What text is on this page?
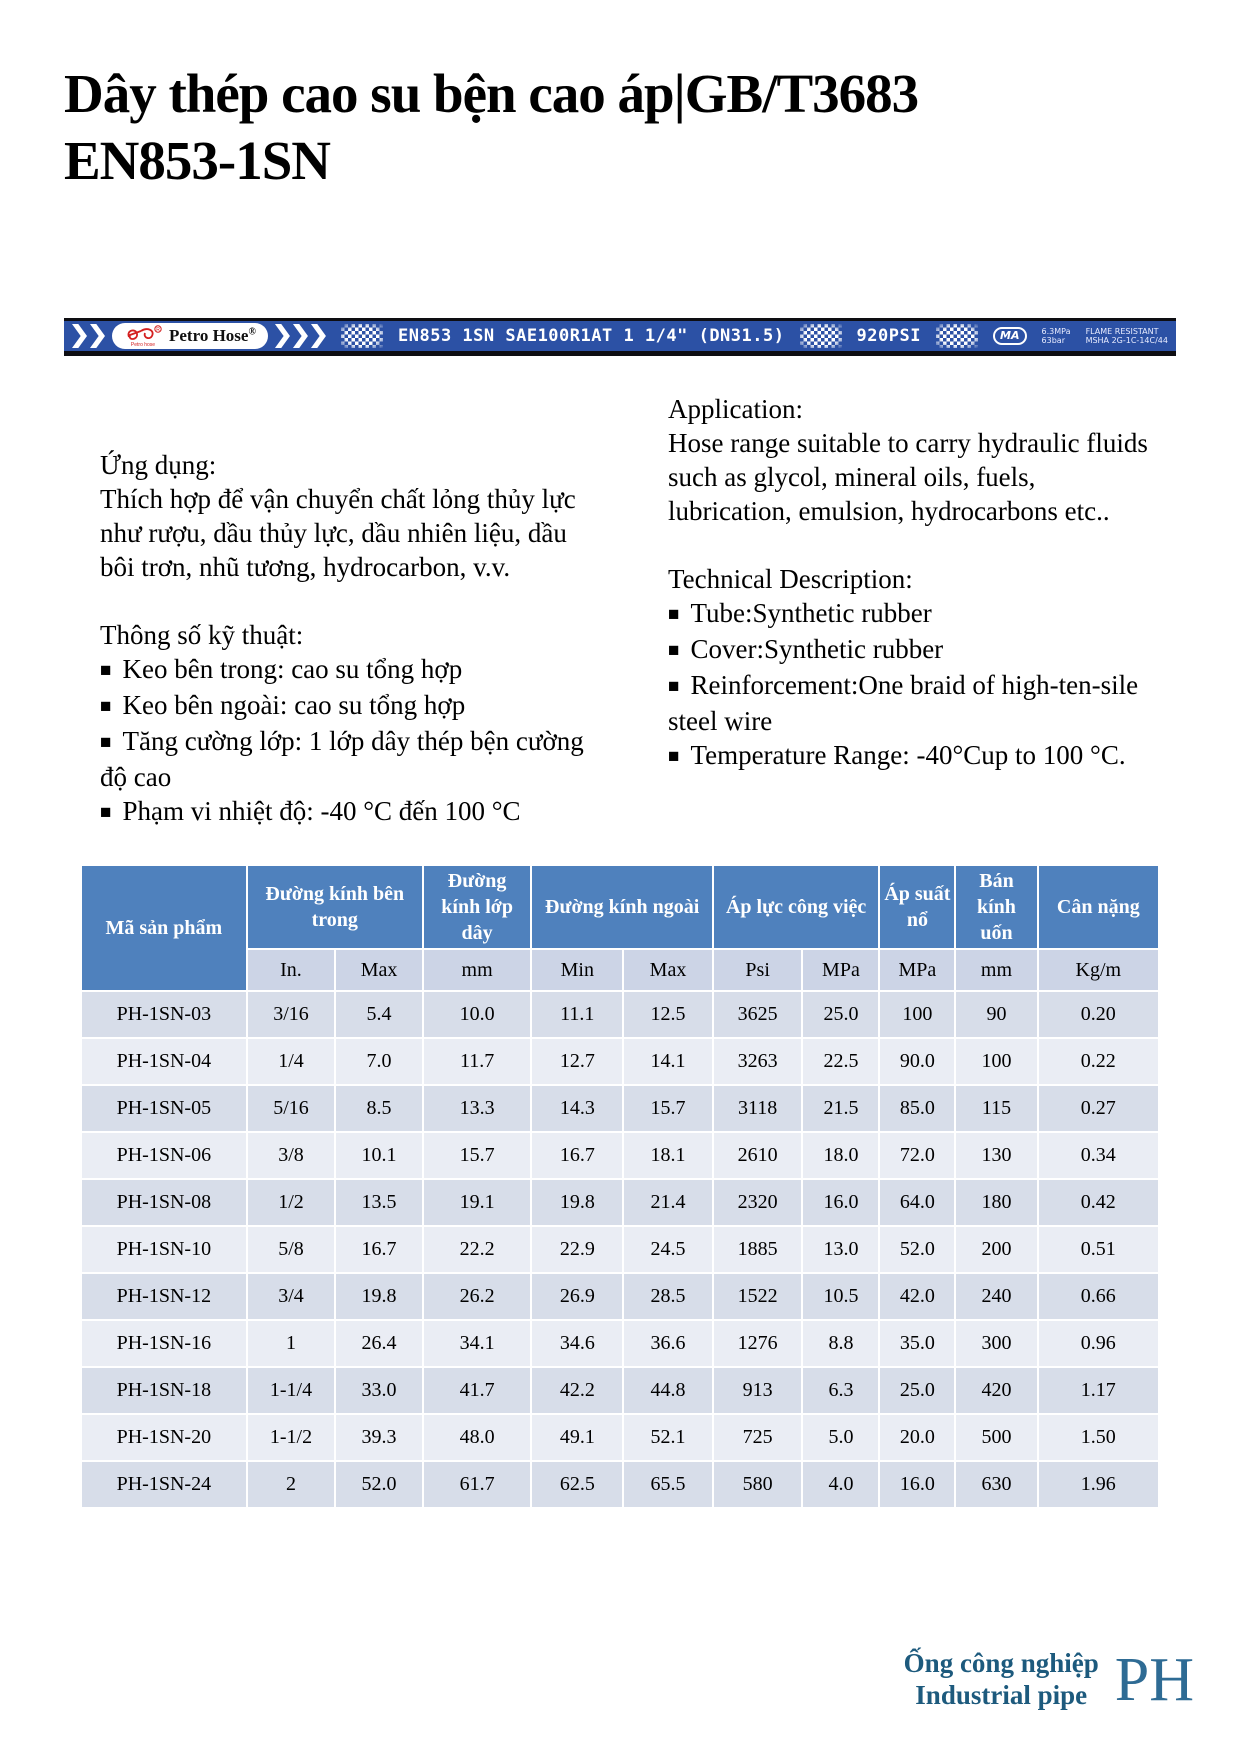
Dây thép cao su bện cao áp|GB/T3683
EN853-1SN
R
Petro hose Petro Hose®	EN853 1SN SAE100R1AT 1 1/4" (DN31.5)	920PSI	MA	6.3MPa
63bar
FLAME RESISTANT
MSHA 2G-1C-14C/44

Ứng dụng:

Thích hợp để vận chuyển chất lỏng thủy lực như rượu, dầu thủy lực, dầu nhiên liệu, dầu bôi trơn, nhũ tương, hydrocarbon, v.v.

Thông số kỹ thuật:

■ Keo bên trong: cao su tổng hợp
■ Keo bên ngoài: cao su tổng hợp
■ Tăng cường lớp: 1 lớp dây thép bện cường độ cao
■ Phạm vi nhiệt độ: -40 °C đến 100 °C

Application:

Hose range suitable to carry hydraulic fluids such as glycol, mineral oils, fuels, lubrication, emulsion, hydrocarbons etc..

Technical Description:

■ Tube:Synthetic rubber
■ Cover:Synthetic rubber
■ Reinforcement:One braid of high-ten-sile steel wire
■ Temperature Range: -40°Cup to 100 °C.
Mã sản phẩm	Đường kính bên trong		Đường kính lớp dây	Đường kính ngoài		Áp lực công việc		Áp suất nổ	Bán kính uốn	Cân nặng
	In.	Max	mm	Min	Max	Psi	MPa	MPa	mm	Kg/m
PH-1SN-03	3/16	5.4	10.0	11.1	12.5	3625	25.0	100	90	0.20
PH-1SN-04	1/4	7.0	11.7	12.7	14.1	3263	22.5	90.0	100	0.22
PH-1SN-05	5/16	8.5	13.3	14.3	15.7	3118	21.5	85.0	115	0.27
PH-1SN-06	3/8	10.1	15.7	16.7	18.1	2610	18.0	72.0	130	0.34
PH-1SN-08	1/2	13.5	19.1	19.8	21.4	2320	16.0	64.0	180	0.42
PH-1SN-10	5/8	16.7	22.2	22.9	24.5	1885	13.0	52.0	200	0.51
PH-1SN-12	3/4	19.8	26.2	26.9	28.5	1522	10.5	42.0	240	0.66
PH-1SN-16	1	26.4	34.1	34.6	36.6	1276	8.8	35.0	300	0.96
PH-1SN-18	1-1/4	33.0	41.7	42.2	44.8	913	6.3	25.0	420	1.17
PH-1SN-20	1-1/2	39.3	48.0	49.1	52.1	725	5.0	20.0	500	1.50
PH-1SN-24	2	52.0	61.7	62.5	65.5	580	4.0	16.0	630	1.96
Ống công nghiệp
Industrial pipe PH
